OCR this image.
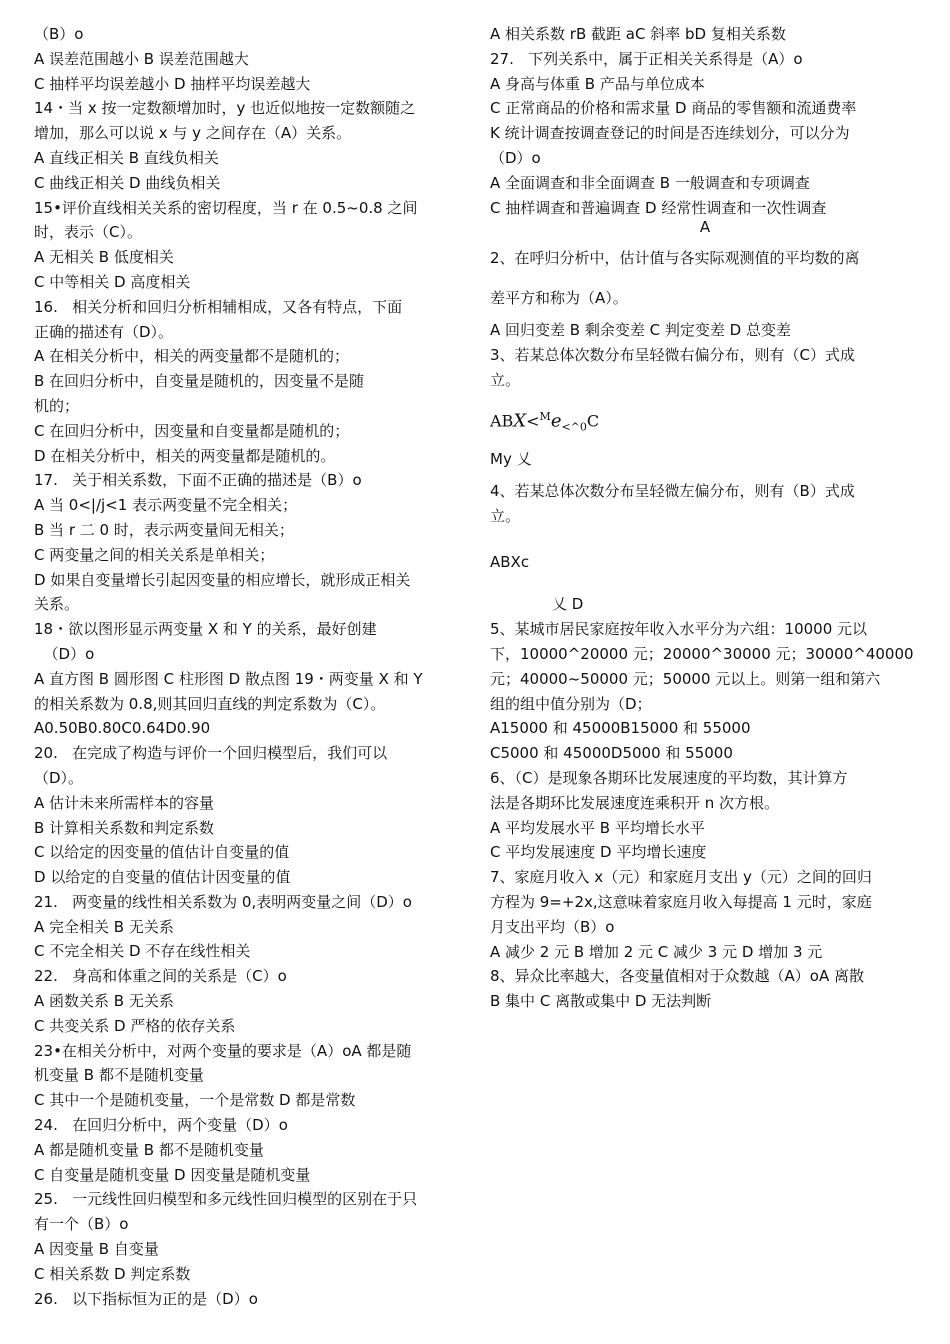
（B）o
A 误差范围越小 B 误差范围越大
C 抽样平均误差越小 D 抽样平均误差越大
14・当 x 按一定数额增加时，y 也近似地按一定数额随之
增加，那么可以说 x 与 y 之间存在（A）关系。
A 直线正相关 B 直线负相关
C 曲线正相关 D 曲线负相关
15•评价直线相关关系的密切程度，当 r 在 0.5~0.8 之间
时，表示（C）。
A 无相关 B 低度相关
C 中等相关 D 高度相关
16.   相关分析和回归分析相辅相成，又各有特点，下面
正确的描述有（D）。
A 在相关分析中，相关的两变量都不是随机的；
B 在回归分析中，自变量是随机的，因变量不是随
机的；
C 在回归分析中，因变量和自变量都是随机的；
D 在相关分析中，相关的两变量都是随机的。
17.   关于相关系数，下面不正确的描述是（B）o
A 当 0<|/j<1 表示两变量不完全相关；
B 当 r 二 0 时，表示两变量间无相关；
C 两变量之间的相关关系是单相关；
D 如果自变量增长引起因变量的相应增长，就形成正相关
关系。
18・欲以图形显示两变量 X 和 Y 的关系，最好创建
（D）o
A 直方图 B 圆形图 C 柱形图 D 散点图 19・两变量 X 和 Y
的相关系数为 0.8,则其回归直线的判定系数为（C）。
A0.50B0.80C0.64D0.90
20.   在完成了构造与评价一个回归模型后，我们可以
（D）。
A 估计未来所需样本的容量
B 计算相关系数和判定系数
C 以给定的因变量的值估计自变量的值
D 以给定的自变量的值估计因变量的值
21.   两变量的线性相关系数为 0,表明两变量之间（D）o
A 完全相关 B 无关系
C 不完全相关 D 不存在线性相关
22.   身高和体重之间的关系是（C）o
A 函数关系 B 无关系
C 共变关系 D 严格的依存关系
23•在相关分析中，对两个变量的要求是（A）oA 都是随
机变量 B 都不是随机变量
C 其中一个是随机变量，一个是常数 D 都是常数
24.   在回归分析中，两个变量（D）o
A 都是随机变量 B 都不是随机变量
C 自变量是随机变量 D 因变量是随机变量
25.   一元线性回归模型和多元线性回归模型的区别在于只
有一个（B）o
A 因变量 B 自变量
C 相关系数 D 判定系数
26.   以下指标恒为正的是（D）o
A 相关系数 rB 截距 aC 斜率 bD 复相关系数
27.   下列关系中，属于正相关关系得是（A）o
A 身高与体重 B 产品与单位成本
C 正常商品的价格和需求量 D 商品的零售额和流通费率
K 统计调查按调查登记的时间是否连续划分，可以分为
（D）o
A 全面调查和非全面调查 B 一般调查和专项调查
C 抽样调查和普遍调查 D 经常性调查和一次性调查
A
2、在呼归分析中，估计值与各实际观测值的平均数的离
差平方和称为（A）。
A 回归变差 B 剩余变差 C 判定变差 D 总变差
3、若某总体次数分布呈轻微右偏分布，则有（C）式成
立。
$ABX<^Me_{<\^{}0}C$
My 乂
4、若某总体次数分布呈轻微左偏分布，则有（B）式成
立。
ABXc
乂 D
5、某城市居民家庭按年收入水平分为六组：10000 元以
下，10000^20000 元；20000^30000 元；30000^40000
元；40000~50000 元；50000 元以上。则第一组和第六
组的组中值分别为（D；
A15000 和 45000B15000 和 55000
C5000 和 45000D5000 和 55000
6、（C）是现象各期环比发展速度的平均数，其计算方
法是各期环比发展速度连乘积开 n 次方根。
A 平均发展水平 B 平均增长水平
C 平均发展速度 D 平均增长速度
7、家庭月收入 x（元）和家庭月支出 y（元）之间的回归
方程为 9=+2x,这意味着家庭月收入每提高 1 元时，家庭
月支出平均（B）o
A 减少 2 元 B 增加 2 元 C 减少 3 元 D 增加 3 元
8、异众比率越大，各变量值相对于众数越（A）oA 离散
B 集中 C 离散或集中 D 无法判断
